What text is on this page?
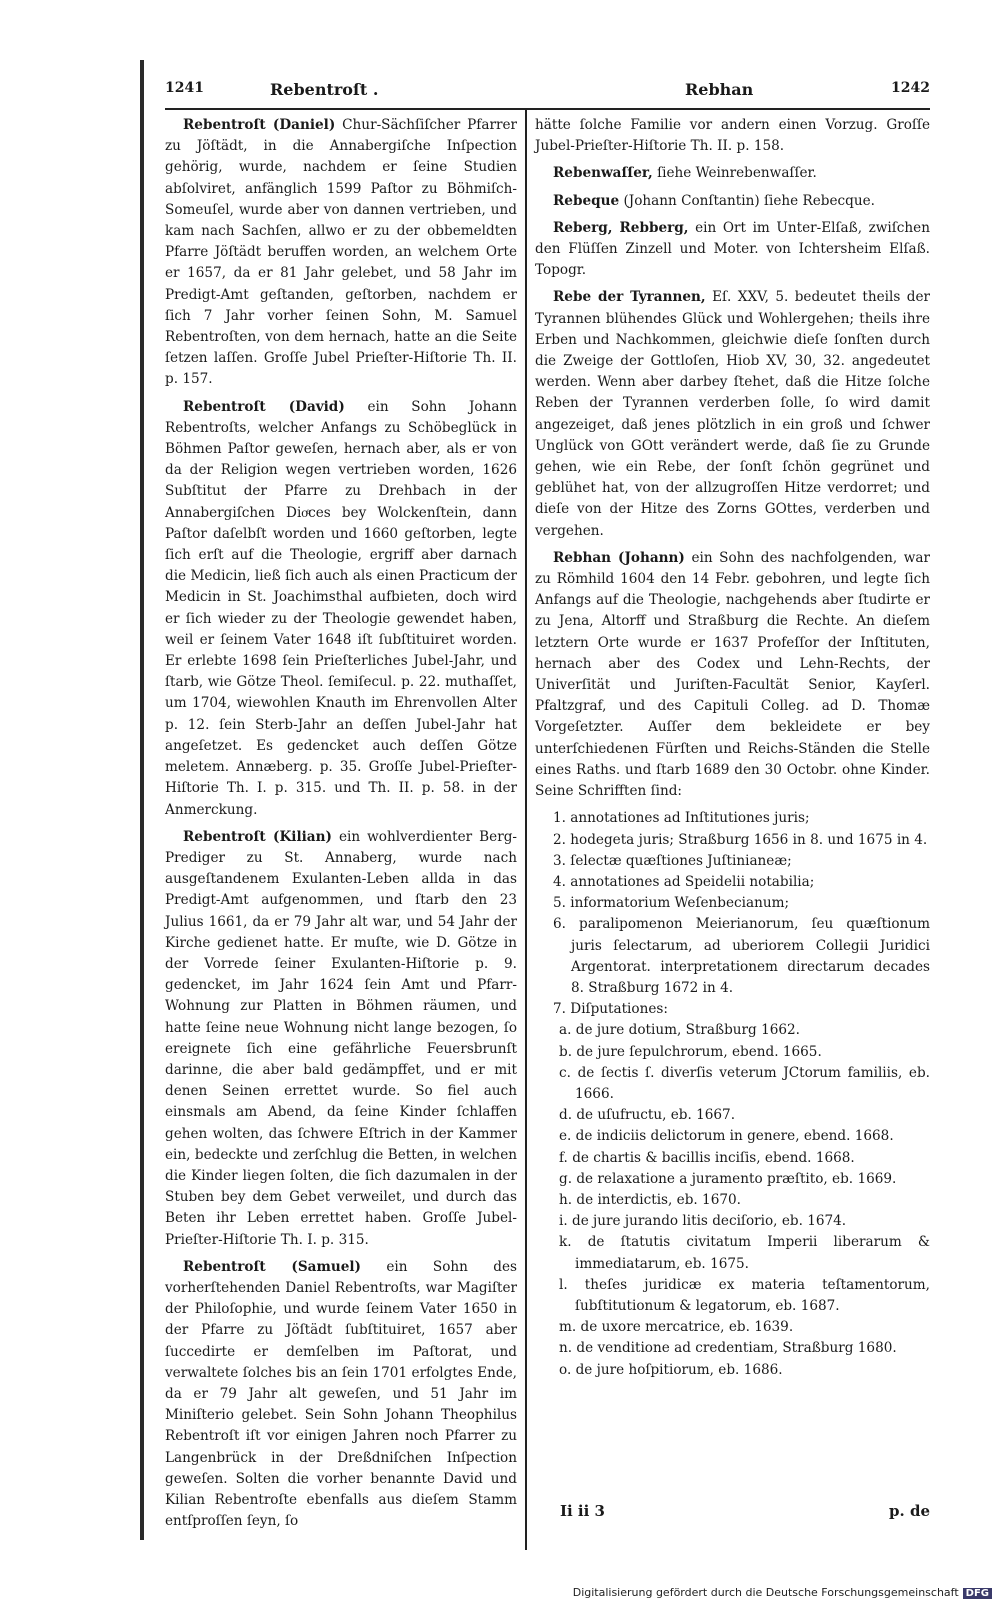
1241	Rebentroſt .	Rebhan	1242

Rebentroſt (Daniel) Chur-Sächſiſcher Pfarrer zu Jöſtädt, in die Annabergiſche Inſpection gehörig, wurde, nachdem er ſeine Studien abſolviret, anfänglich 1599 Paſtor zu Böhmiſch-Someuſel, wurde aber von dannen vertrieben, und kam nach Sachſen, allwo er zu der obbemeldten Pfarre Jöſtädt beruffen worden, an welchem Orte er 1657, da er 81 Jahr gelebet, und 58 Jahr im Predigt-Amt geſtanden, geſtorben, nachdem er ſich 7 Jahr vorher ſeinen Sohn, M. Samuel Rebentroſten, von dem hernach, hatte an die Seite ſetzen laſſen. Groſſe Jubel Prieſter-Hiſtorie Th. II. p. 157.

Rebentroſt (David) ein Sohn Johann Rebentroſts, welcher Anfangs zu Schöbeglück in Böhmen Paſtor geweſen, hernach aber, als er von da der Religion wegen vertrieben worden, 1626 Subſtitut der Pfarre zu Drehbach in der Annabergiſchen Dioͤces bey Wolckenſtein, dann Paſtor daſelbſt worden und 1660 geſtorben, legte ſich erſt auf die Theologie, ergriff aber darnach die Medicin, ließ ſich auch als einen Practicum der Medicin in St. Joachimsthal aufbieten, doch wird er ſich wieder zu der Theologie gewendet haben, weil er ſeinem Vater 1648 iſt ſubſtituiret worden. Er erlebte 1698 ſein Prieſterliches Jubel-Jahr, und ſtarb, wie Götze Theol. ſemiſecul. p. 22. muthaſſet, um 1704, wiewohlen Knauth im Ehrenvollen Alter p. 12. ſein Sterb-Jahr an deſſen Jubel-Jahr hat angeſetzet. Es gedencket auch deſſen Götze meletem. Annæberg. p. 35. Groſſe Jubel-Prieſter-Hiſtorie Th. I. p. 315. und Th. II. p. 58. in der Anmerckung.

Rebentroſt (Kilian) ein wohlverdienter Berg-Prediger zu St. Annaberg, wurde nach ausgeſtandenem Exulanten-Leben allda in das Predigt-Amt aufgenommen, und ſtarb den 23 Julius 1661, da er 79 Jahr alt war, und 54 Jahr der Kirche gedienet hatte. Er muſte, wie D. Götze in der Vorrede ſeiner Exulanten-Hiſtorie p. 9. gedencket, im Jahr 1624 ſein Amt und Pfarr-Wohnung zur Platten in Böhmen räumen, und hatte ſeine neue Wohnung nicht lange bezogen, ſo ereignete ſich eine gefährliche Feuersbrunſt darinne, die aber bald gedämpffet, und er mit denen Seinen errettet wurde. So fiel auch einsmals am Abend, da ſeine Kinder ſchlaffen gehen wolten, das ſchwere Eſtrich in der Kammer ein, bedeckte und zerſchlug die Betten, in welchen die Kinder liegen ſolten, die ſich dazumalen in der Stuben bey dem Gebet verweilet, und durch das Beten ihr Leben errettet haben. Groſſe Jubel-Prieſter-Hiſtorie Th. I. p. 315.

Rebentroſt (Samuel) ein Sohn des vorherſtehenden Daniel Rebentroſts, war Magiſter der Philoſophie, und wurde ſeinem Vater 1650 in der Pfarre zu Jöſtädt ſubſtituiret, 1657 aber ſuccedirte er demſelben im Paſtorat, und verwaltete ſolches bis an ſein 1701 erfolgtes Ende, da er 79 Jahr alt geweſen, und 51 Jahr im Miniſterio gelebet. Sein Sohn Johann Theophilus Rebentroſt iſt vor einigen Jahren noch Pfarrer zu Langenbrück in der Dreßdniſchen Inſpection geweſen. Solten die vorher benannte David und Kilian Rebentroſte ebenfalls aus dieſem Stamm entſproſſen ſeyn, ſo

hätte ſolche Familie vor andern einen Vorzug. Groſſe Jubel-Prieſter-Hiſtorie Th. II. p. 158.

Rebenwaſſer, ſiehe Weinrebenwaſſer.

Rebeque (Johann Conſtantin) ſiehe Rebecque.

Reberg, Rebberg, ein Ort im Unter-Elſaß, zwiſchen den Flüſſen Zinzell und Moter. von Ichtersheim Elſaß. Topogr.

Rebe der Tyrannen, Eſ. XXV, 5. bedeutet theils der Tyrannen blühendes Glück und Wohlergehen; theils ihre Erben und Nachkommen, gleichwie dieſe ſonſten durch die Zweige der Gottloſen, Hiob XV, 30, 32. angedeutet werden. Wenn aber darbey ſtehet, daß die Hitze ſolche Reben der Tyrannen verderben ſolle, ſo wird damit angezeiget, daß jenes plötzlich in ein groß und ſchwer Unglück von GOtt verändert werde, daß ſie zu Grunde gehen, wie ein Rebe, der ſonſt ſchön gegrünet und geblühet hat, von der allzugroſſen Hitze verdorret; und dieſe von der Hitze des Zorns GOttes, verderben und vergehen.

Rebhan (Johann) ein Sohn des nachfolgenden, war zu Römhild 1604 den 14 Febr. gebohren, und legte ſich Anfangs auf die Theologie, nachgehends aber ſtudirte er zu Jena, Altorff und Straßburg die Rechte. An dieſem letztern Orte wurde er 1637 Profeſſor der Inſtituten, hernach aber des Codex und Lehn-Rechts, der Univerſität und Juriſten-Facultät Senior, Kayſerl. Pfaltzgraf, und des Capituli Colleg. ad D. Thomæ Vorgeſetzter. Auſſer dem bekleidete er bey unterſchiedenen Fürſten und Reichs-Ständen die Stelle eines Raths. und ſtarb 1689 den 30 Octobr. ohne Kinder. Seine Schrifften ſind:

1. annotationes ad Inſtitutiones juris;
2. hodegeta juris; Straßburg 1656 in 8. und 1675 in 4.
3. ſelectæ quæſtiones Juſtinianeæ;
4. annotationes ad Speidelii notabilia;
5. informatorium Weſenbecianum;
6. paralipomenon Meierianorum, ſeu quæſtionum juris ſelectarum, ad uberiorem Collegii Juridici Argentorat. interpretationem directarum decades 8. Straßburg 1672 in 4.
7. Diſputationes:
a. de jure dotium, Straßburg 1662.
b. de jure ſepulchrorum, ebend. 1665.
c. de ſectis ſ. diverſis veterum JCtorum familiis, eb. 1666.
d. de uſufructu, eb. 1667.
e. de indiciis delictorum in genere, ebend. 1668.
f. de chartis & bacillis inciſis, ebend. 1668.
g. de relaxatione a juramento præſtito, eb. 1669.
h. de interdictis, eb. 1670.
i. de jure jurando litis deciſorio, eb. 1674.
k. de ſtatutis civitatum Imperii liberarum & immediatarum, eb. 1675.
l. theſes juridicæ ex materia teſtamentorum, ſubſtitutionum & legatorum, eb. 1687.
m. de uxore mercatrice, eb. 1639.
n. de venditione ad credentiam, Straßburg 1680.
o. de jure hoſpitiorum, eb. 1686.
Ii ii 3	p. de
Digitalisierung gefördert durch die Deutsche Forschungsgemeinschaft DFG
